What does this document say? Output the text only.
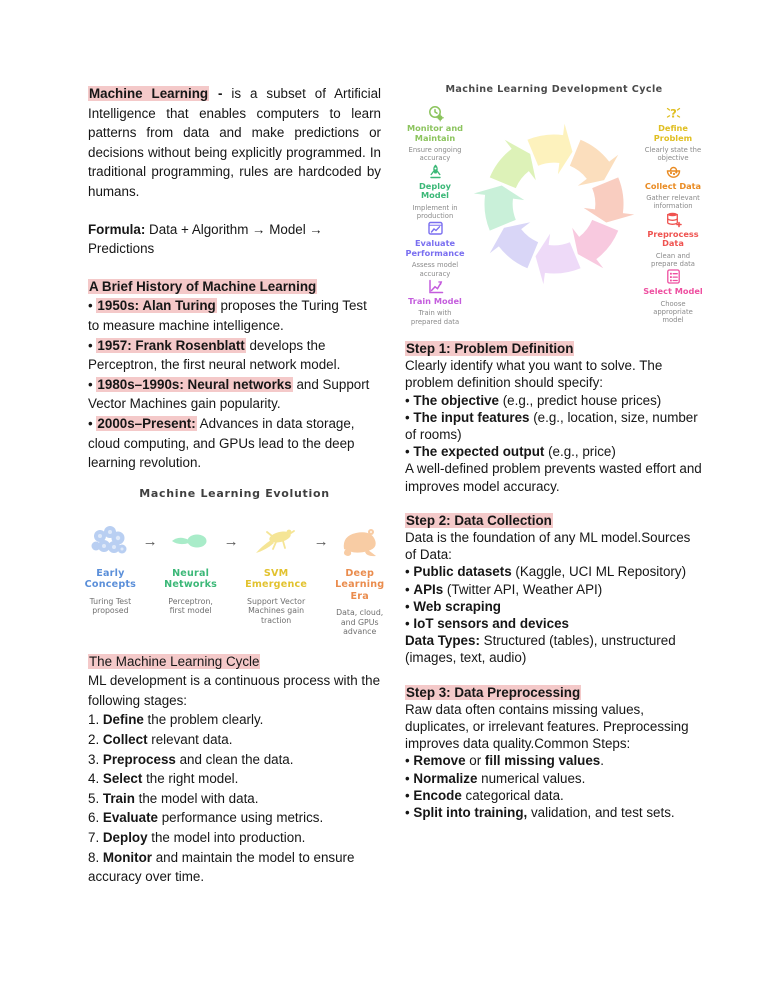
Machine Learning - is a subset of Artificial Intelligence that enables computers to learn patterns from data and make predictions or decisions without being explicitly programmed. In traditional programming, rules are hardcoded by humans.

Formula: Data + Algorithm → Model → Predictions

A Brief History of Machine Learning

• 1950s: Alan Turing proposes the Turing Test to measure machine intelligence.

• 1957: Frank Rosenblatt develops the Perceptron, the first neural network model.

• 1980s–1990s: Neural networks and Support Vector Machines gain popularity.

• 2000s–Present: Advances in data storage, cloud computing, and GPUs lead to the deep learning revolution.

Machine Learning Evolution
Early Concepts
Turing Test proposed
→
Neural Networks
Perceptron, first model
→
SVM Emergence
Support Vector Machines gain traction
→
Deep Learning Era
Data, cloud, and GPUs advance

The Machine Learning Cycle

ML development is a continuous process with the following stages:

1. Define the problem clearly.

2. Collect relevant data.

3. Preprocess and clean the data.

4. Select the right model.

5. Train the model with data.

6. Evaluate performance using metrics.

7. Deploy the model into production.

8. Monitor and maintain the model to ensure accuracy over time.

Machine Learning Development Cycle
Monitor and Maintain
Ensure ongoing accuracy
Deploy Model
Implement in production
Evaluate Performance
Assess model accuracy
Train Model
Train with prepared data
?
Define Problem
Clearly state the objective
Collect Data
Gather relevant information
Preprocess Data
Clean and prepare data
Select Model
Choose appropriate model

Step 1: Problem Definition

Clearly identify what you want to solve. The problem definition should specify:

• The objective (e.g., predict house prices)

• The input features (e.g., location, size, number of rooms)

• The expected output (e.g., price)

A well-defined problem prevents wasted effort and improves model accuracy.

Step 2: Data Collection

Data is the foundation of any ML model.Sources of Data:

• Public datasets (Kaggle, UCI ML Repository)

• APIs (Twitter API, Weather API)

• Web scraping

• IoT sensors and devices

Data Types: Structured (tables), unstructured (images, text, audio)

Step 3: Data Preprocessing

Raw data often contains missing values, duplicates, or irrelevant features. Preprocessing

improves data quality.Common Steps:

• Remove or fill missing values.

• Normalize numerical values.

• Encode categorical data.

• Split into training, validation, and test sets.
